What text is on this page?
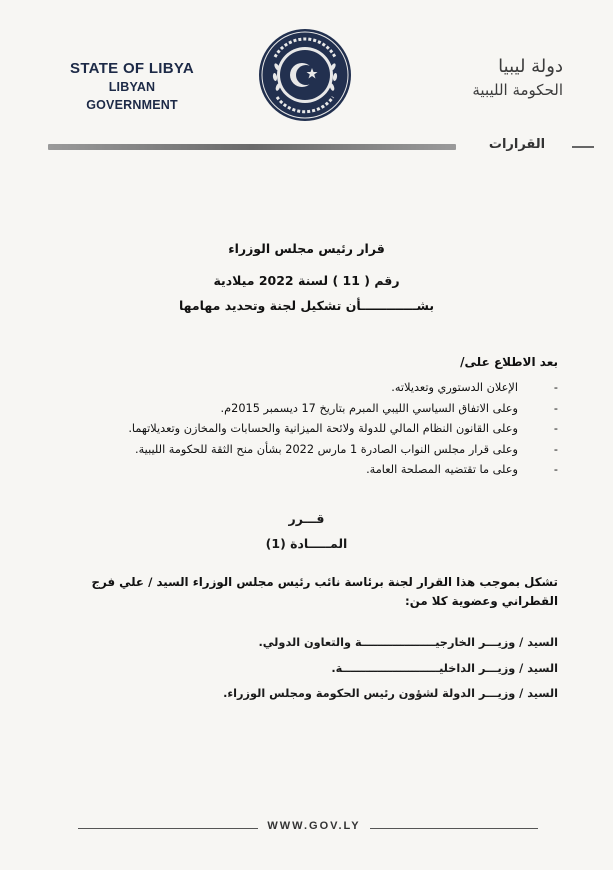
STATE OF LIBYA
LIBYAN GOVERNMENT
دولة ليبيا
الحكومة الليبية
القرارات
قرار رئيس مجلس الوزراء
رقم ( 11 ) لسنة 2022 ميلادية
بشـــــــــــــأن تشكيل لجنة وتحديد مهامها
بعد الاطلاع على/
-الإعلان الدستوري وتعديلاته.
-وعلى الاتفاق السياسي الليبي المبرم بتاريخ 17 ديسمبر 2015م.
-وعلى القانون النظام المالي للدولة ولائحة الميزانية والحسابات والمخازن وتعديلاتهما.
-وعلى قرار مجلس النواب الصادرة 1 مارس 2022 بشأن منح الثقة للحكومة الليبية.
-وعلى ما تقتضيه المصلحة العامة.
قـــرر
المـــــادة (1)
تشكل بموجب هذا القرار لجنة برئاسة نائب رئيس مجلس الوزراء السيد / علي فرج القطراني وعضوية كلا من:
السيد / وزيـــر الخارجيـــــــــــــــــــة والتعاون الدولي.
السيد / وزيـــر الداخليـــــــــــــــــــــــــة.
السيد / وزيـــر الدولة لشؤون رئيس الحكومة ومجلس الوزراء.
WWW.GOV.LY
